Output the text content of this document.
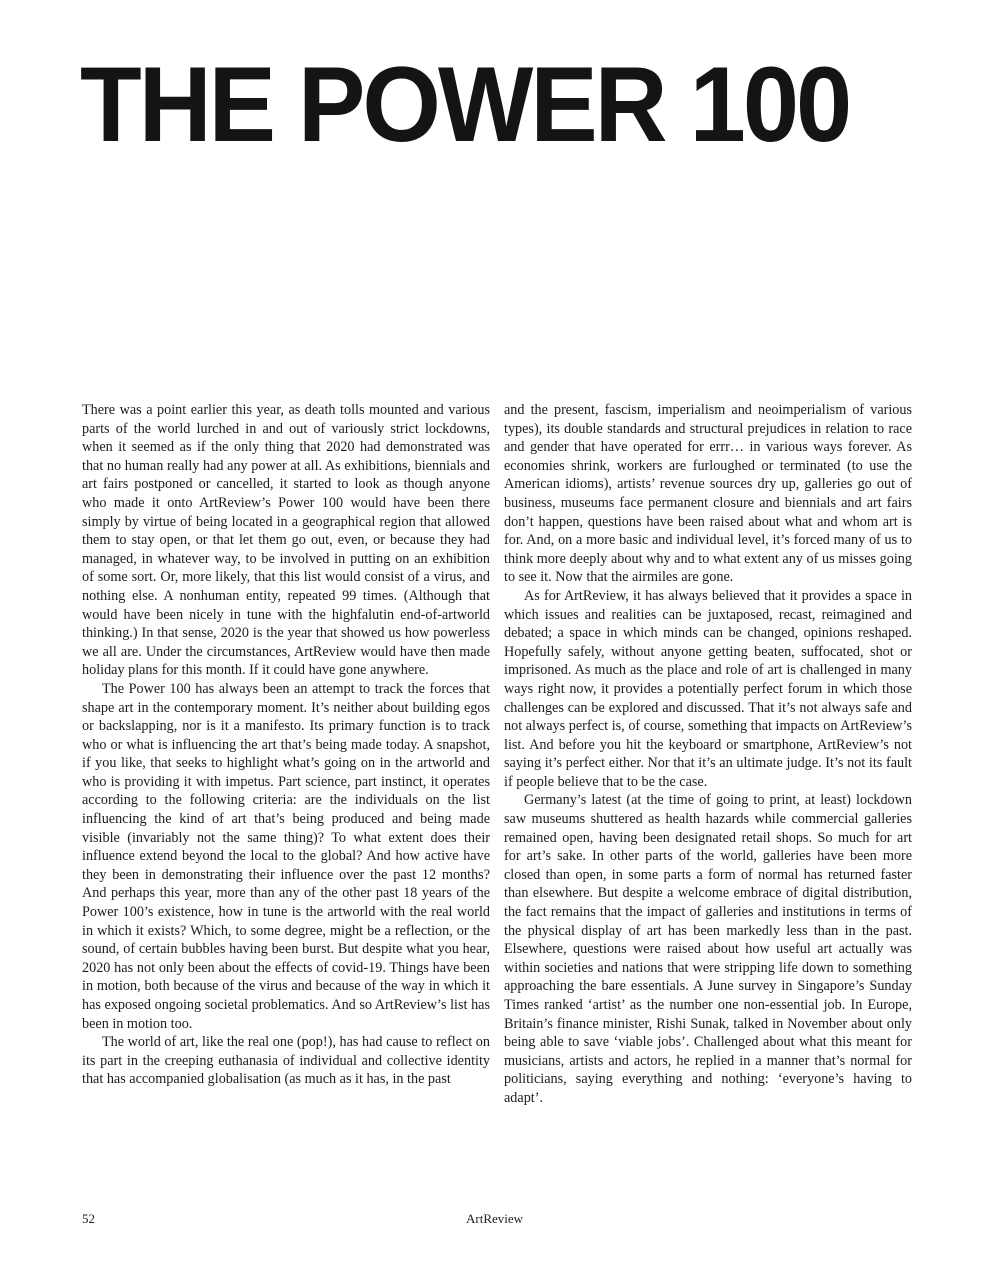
THE POWER 100

There was a point earlier this year, as death tolls mounted and various parts of the world lurched in and out of variously strict lockdowns, when it seemed as if the only thing that 2020 had demonstrated was that no human really had any power at all. As exhibitions, biennials and art fairs postponed or cancelled, it started to look as though anyone who made it onto ArtReview’s Power 100 would have been there simply by virtue of being located in a geographical region that allowed them to stay open, or that let them go out, even, or because they had managed, in whatever way, to be involved in putting on an exhibition of some sort. Or, more likely, that this list would consist of a virus, and nothing else. A nonhuman entity, repeated 99 times. (Although that would have been nicely in tune with the highfalutin end-of-artworld thinking.) In that sense, 2020 is the year that showed us how powerless we all are. Under the circumstances, ArtReview would have then made holiday plans for this month. If it could have gone anywhere.

The Power 100 has always been an attempt to track the forces that shape art in the contemporary moment. It’s neither about building egos or backslapping, nor is it a manifesto. Its primary function is to track who or what is influencing the art that’s being made today. A snapshot, if you like, that seeks to highlight what’s going on in the artworld and who is providing it with impetus. Part science, part instinct, it operates according to the following criteria: are the individuals on the list influencing the kind of art that’s being produced and being made visible (invariably not the same thing)? To what extent does their influence extend beyond the local to the global? And how active have they been in demonstrating their influence over the past 12 months? And perhaps this year, more than any of the other past 18 years of the Power 100’s existence, how in tune is the artworld with the real world in which it exists? Which, to some degree, might be a reflection, or the sound, of certain bubbles having been burst. But despite what you hear, 2020 has not only been about the effects of covid-19. Things have been in motion, both because of the virus and because of the way in which it has exposed ongoing societal problematics. And so ArtReview’s list has been in motion too.

The world of art, like the real one (pop!), has had cause to reflect on its part in the creeping euthanasia of individual and collective identity that has accompanied globalisation (as much as it has, in the past

and the present, fascism, imperialism and neoimperialism of various types), its double standards and structural prejudices in relation to race and gender that have operated for errr… in various ways forever. As economies shrink, workers are furloughed or terminated (to use the American idioms), artists’ revenue sources dry up, galleries go out of business, museums face permanent closure and biennials and art fairs don’t happen, questions have been raised about what and whom art is for. And, on a more basic and individual level, it’s forced many of us to think more deeply about why and to what extent any of us misses going to see it. Now that the airmiles are gone.

As for ArtReview, it has always believed that it provides a space in which issues and realities can be juxtaposed, recast, reimagined and debated; a space in which minds can be changed, opinions reshaped. Hopefully safely, without anyone getting beaten, suffocated, shot or imprisoned. As much as the place and role of art is challenged in many ways right now, it provides a potentially perfect forum in which those challenges can be explored and discussed. That it’s not always safe and not always perfect is, of course, something that impacts on ArtReview’s list. And before you hit the keyboard or smartphone, ArtReview’s not saying it’s perfect either. Nor that it’s an ultimate judge. It’s not its fault if people believe that to be the case.

Germany’s latest (at the time of going to print, at least) lockdown saw museums shuttered as health hazards while commercial galleries remained open, having been designated retail shops. So much for art for art’s sake. In other parts of the world, galleries have been more closed than open, in some parts a form of normal has returned faster than elsewhere. But despite a welcome embrace of digital distribution, the fact remains that the impact of galleries and institutions in terms of the physical display of art has been markedly less than in the past. Elsewhere, questions were raised about how useful art actually was within societies and nations that were stripping life down to something approaching the bare essentials. A June survey in Singapore’s Sunday Times ranked ‘artist’ as the number one non-essential job. In Europe, Britain’s finance minister, Rishi Sunak, talked in November about only being able to save ‘viable jobs’. Challenged about what this meant for musicians, artists and actors, he replied in a manner that’s normal for politicians, saying everything and nothing: ‘everyone’s having to adapt’.

52	ArtReview
